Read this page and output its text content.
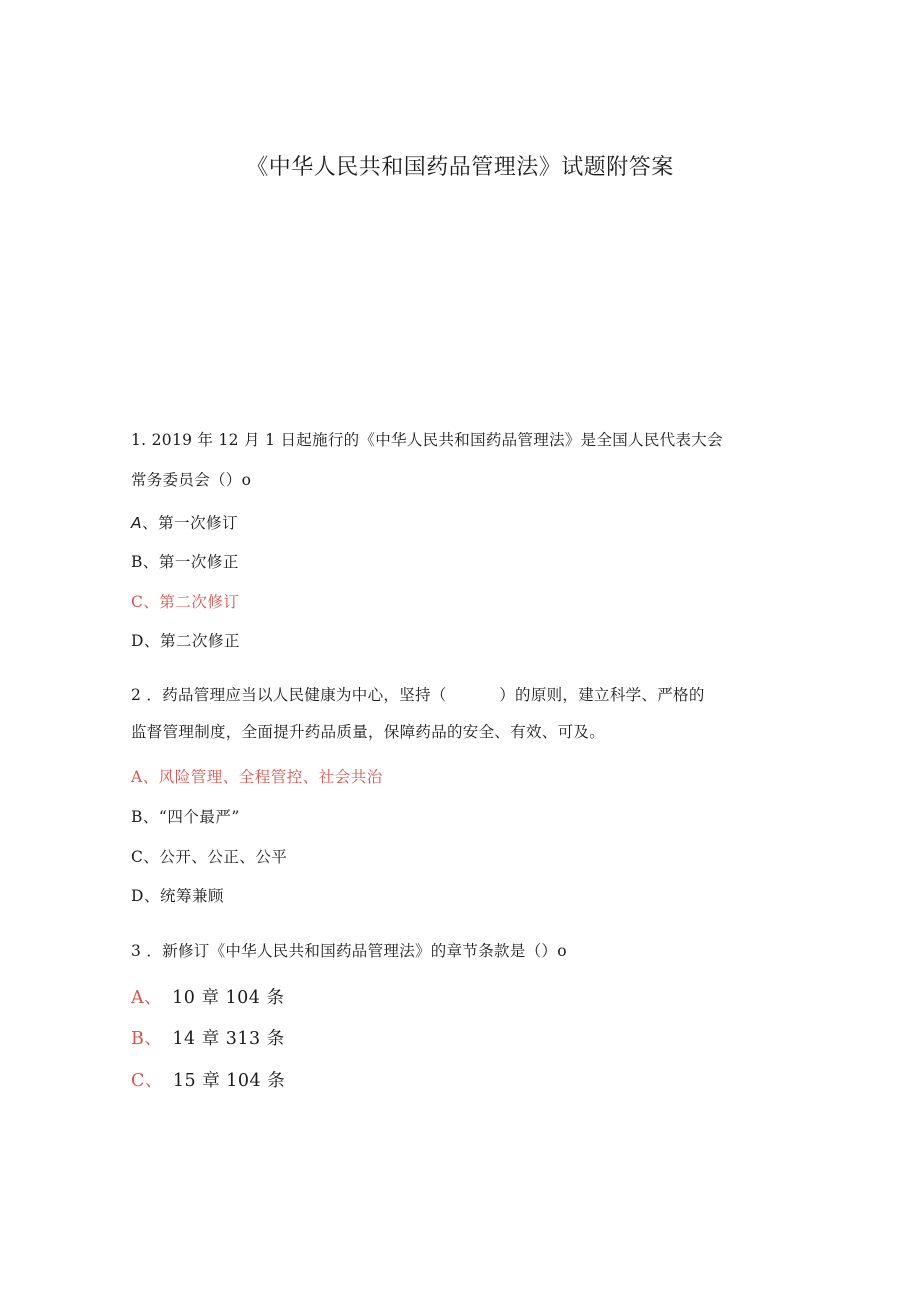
《中华人民共和国药品管理法》试题附答案
1. 2019 年 12 月 1 日起施行的《中华人民共和国药品管理法》是全国人民代表大会
常务委员会（）o
A、第一次修订
B、第一次修正
C、第二次修订
D、第二次修正
2 ．药品管理应当以人民健康为中心，坚持（　　　 ）的原则，建立科学、严格的
监督管理制度，全面提升药品质量，保障药品的安全、有效、可及。
A、风险管理、全程管控、社会共治
B、“四个最严”
C、公开、公正、公平
D、统筹兼顾
3 ．新修订《中华人民共和国药品管理法》的章节条款是（）o
A、 10 章 104 条
B、 14 章 313 条
C、 15 章 104 条
